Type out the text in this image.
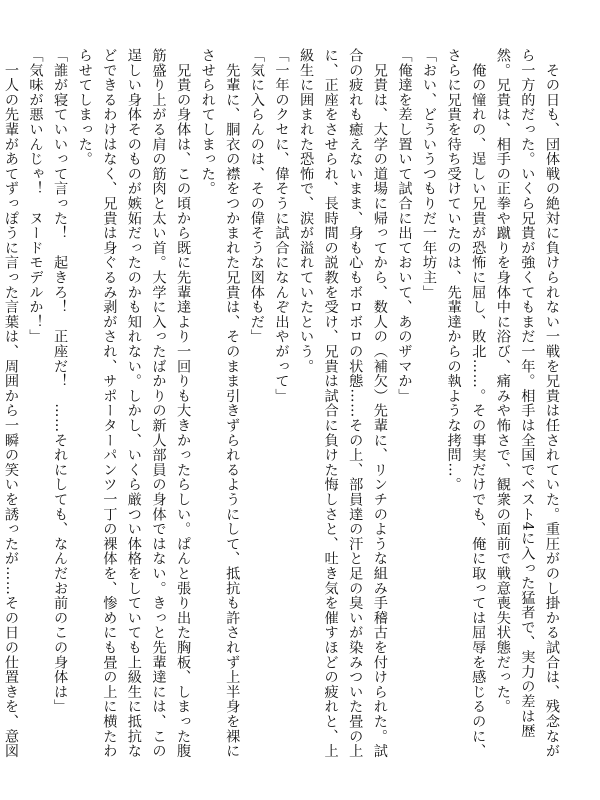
　その日も、団体戦の絶対に負けられない一戦を兄貴は任されていた。重圧がのし掛かる試合は、残念ながら一方的だった。いくら兄貴が強くてもまだ一年。相手は全国でベスト4に入った猛者で、実力の差は歴然。兄貴は、相手の正拳や蹴りを身体中に浴び、痛みや怖さで、観衆の面前で戦意喪失状態だった。

　俺の憧れの、逞しい兄貴が恐怖に屈し、敗北……。その事実だけでも、俺に取っては屈辱を感じるのに、さらに兄貴を待ち受けていたのは、先輩達からの執ような拷問…。

「おい、どういうつもりだ一年坊主」

「俺達を差し置いて試合に出ておいて、あのザマか」

　兄貴は、大学の道場に帰ってから、数人の（補欠）先輩に、リンチのような組み手稽古を付けられた。試合の疲れも癒えないまま、身も心もボロボロの状態……その上、部員達の汗と足の臭いが染みついた畳の上に、正座をさせられ、長時間の説教を受け、兄貴は試合に負けた悔しさと、吐き気を催すほどの疲れと、上級生に囲まれた恐怖で、涙が溢れていたという。

「一年のクセに、偉そうに試合になんぞ出やがって」

「気に入らんのは、その偉そうな図体もだ」

　先輩に、胴衣の襟をつかまれた兄貴は、そのまま引きずられるようにして、抵抗も許されず上半身を裸にさせられてしまった。

　兄貴の身体は、この頃から既に先輩達より一回りも大きかったらしい。ぱんと張り出た胸板、しまった腹筋盛り上がる肩の筋肉と太い首。大学に入ったばかりの新人部員の身体ではない。きっと先輩達には、この逞しい身体そのものが嫉妬だったのかも知れない。しかし、いくら厳つい体格をしていても上級生に抵抗などできるわけはなく、兄貴は身ぐるみ剥がされ、サポーターパンツ一丁の裸体を、惨めにも畳の上に横たわらせてしまった。

「誰が寝ていいって言った！　起きろ！　正座だ！　……それにしても、なんだお前のこの身体は」

「気味が悪いんじゃ！　ヌードモデルか！」

　一人の先輩があてずっぽうに言った言葉は、周囲から一瞬の笑いを誘ったが……その日の仕置きを、意図
